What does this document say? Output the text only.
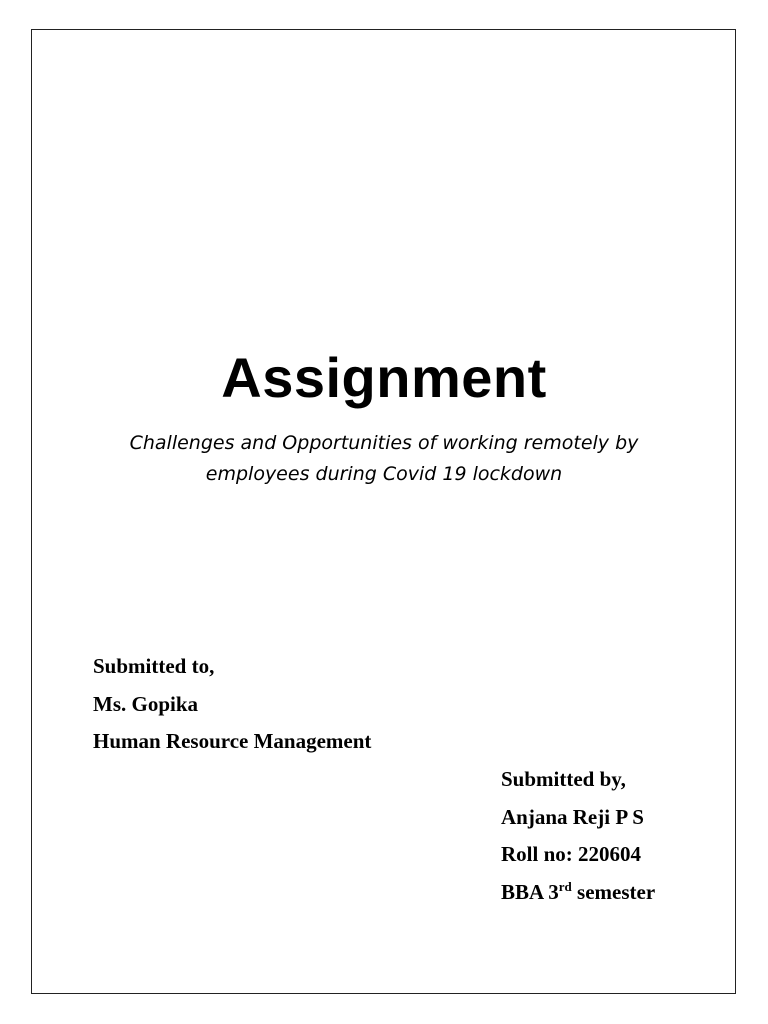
Assignment
Challenges and Opportunities of working remotely by employees during Covid 19 lockdown
Submitted to,
Ms. Gopika
Human Resource Management
Submitted by,
Anjana Reji P S
Roll no: 220604
BBA 3rd semester
